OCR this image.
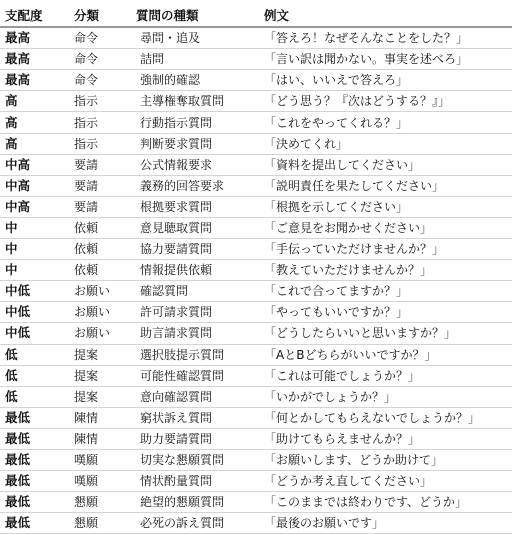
支配度	分類	質問の種類	例文
最高	命令	尋問・追及	「答えろ！なぜそんなことをした？」
最高	命令	詰問	「言い訳は聞かない。事実を述べろ」
最高	命令	強制的確認	「はい、いいえで答えろ」
高	指示	主導権奪取質問	「どう思う？『次はどうする？』」
高	指示	行動指示質問	「これをやってくれる？」
高	指示	判断要求質問	「決めてくれ」
中高	要請	公式情報要求	「資料を提出してください」
中高	要請	義務的回答要求	「説明責任を果たしてください」
中高	要請	根拠要求質問	「根拠を示してください」
中	依頼	意見聴取質問	「ご意見をお聞かせください」
中	依頼	協力要請質問	「手伝っていただけませんか？」
中	依頼	情報提供依頼	「教えていただけませんか？」
中低	お願い	確認質問	「これで合ってますか？」
中低	お願い	許可請求質問	「やってもいいですか？」
中低	お願い	助言請求質問	「どうしたらいいと思いますか？」
低	提案	選択肢提示質問	「AとBどちらがいいですか？」
低	提案	可能性確認質問	「これは可能でしょうか？」
低	提案	意向確認質問	「いかがでしょうか？」
最低	陳情	窮状訴え質問	「何とかしてもらえないでしょうか？」
最低	陳情	助力要請質問	「助けてもらえませんか？」
最低	嘆願	切実な懇願質問	「お願いします、どうか助けて」
最低	嘆願	情状酌量質問	「どうか考え直してください」
最低	懇願	絶望的懇願質問	「このままでは終わりです、どうか」
最低	懇願	必死の訴え質問	「最後のお願いです」
